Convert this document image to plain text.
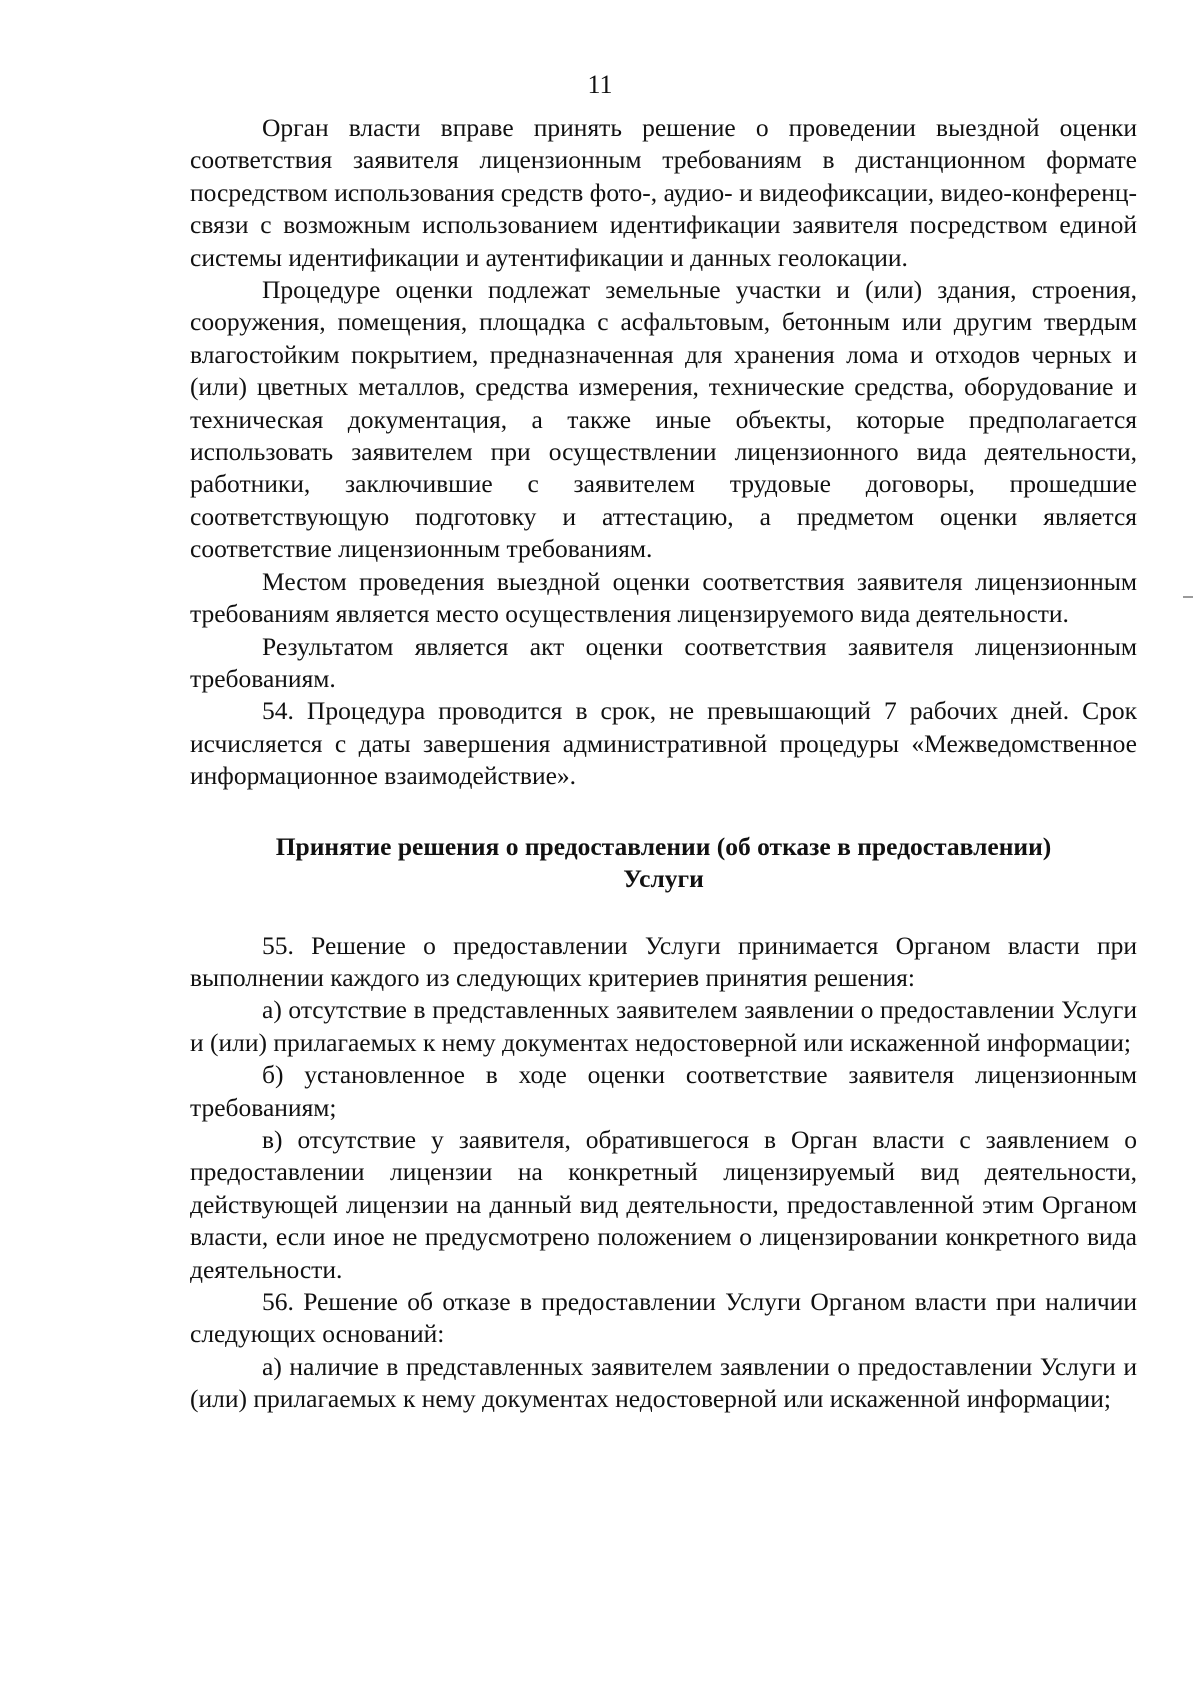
11

Орган власти вправе принять решение о проведении выездной оценки соответствия заявителя лицензионным требованиям в дистанционном формате посредством использования средств фото-, аудио- и видеофиксации, видео-конференц-связи с возможным использованием идентификации заявителя посредством единой системы идентификации и аутентификации и данных геолокации.

Процедуре оценки подлежат земельные участки и (или) здания, строения, сооружения, помещения, площадка с асфальтовым, бетонным или другим твердым влагостойким покрытием, предназначенная для хранения лома и отходов черных и (или) цветных металлов, средства измерения, технические средства, оборудование и техническая документация, а также иные объекты, которые предполагается использовать заявителем при осуществлении лицензионного вида деятельности, работники, заключившие с заявителем трудовые договоры, прошедшие соответствующую подготовку и аттестацию, а предметом оценки является соответствие лицензионным требованиям.

Местом проведения выездной оценки соответствия заявителя лицензионным требованиям является место осуществления лицензируемого вида деятельности.

Результатом является акт оценки соответствия заявителя лицензионным требованиям.

54. Процедура проводится в срок, не превышающий 7 рабочих дней. Срок исчисляется с даты завершения административной процедуры «Межведомственное информационное взаимодействие».

Принятие решения о предоставлении (об отказе в предоставлении)
Услуги

55. Решение о предоставлении Услуги принимается Органом власти при выполнении каждого из следующих критериев принятия решения:

а) отсутствие в представленных заявителем заявлении о предоставлении Услуги и (или) прилагаемых к нему документах недостоверной или искаженной информации;

б) установленное в ходе оценки соответствие заявителя лицензионным требованиям;

в) отсутствие у заявителя, обратившегося в Орган власти с заявлением о предоставлении лицензии на конкретный лицензируемый вид деятельности, действующей лицензии на данный вид деятельности, предоставленной этим Органом власти, если иное не предусмотрено положением о лицензировании конкретного вида деятельности.

56. Решение об отказе в предоставлении Услуги Органом власти при наличии следующих оснований:

а) наличие в представленных заявителем заявлении о предоставлении Услуги и (или) прилагаемых к нему документах недостоверной или искаженной информации;
